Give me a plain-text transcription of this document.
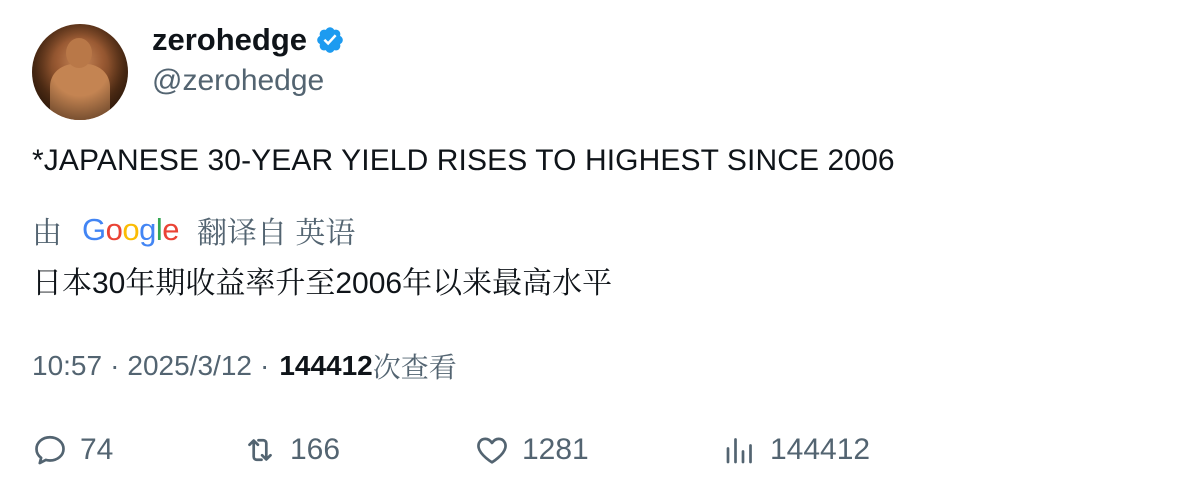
zerohedge
@zerohedge
*JAPANESE 30-YEAR YIELD RISES TO HIGHEST SINCE 2006
由 Google 翻译自 英语
日本30年期收益率升至2006年以来最高水平
10:57 · 2025/3/12 · 144412 次查看
74	166	1281	144412
